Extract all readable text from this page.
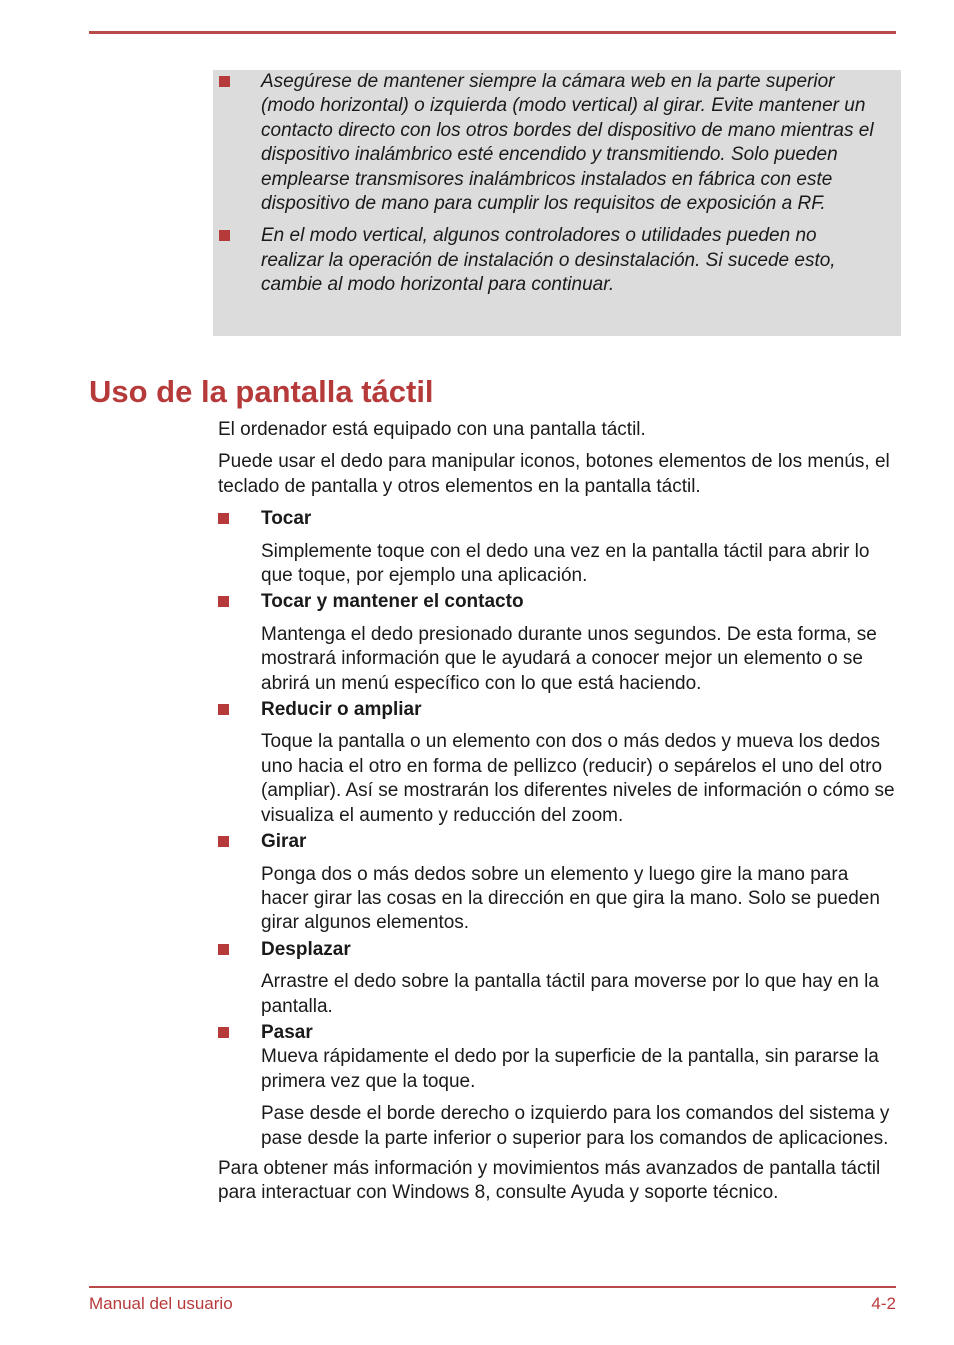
Asegúrese de mantener siempre la cámara web en la parte superior (modo horizontal) o izquierda (modo vertical) al girar. Evite mantener un contacto directo con los otros bordes del dispositivo de mano mientras el dispositivo inalámbrico esté encendido y transmitiendo. Solo pueden emplearse transmisores inalámbricos instalados en fábrica con este dispositivo de mano para cumplir los requisitos de exposición a RF.

En el modo vertical, algunos controladores o utilidades pueden no realizar la operación de instalación o desinstalación. Si sucede esto, cambie al modo horizontal para continuar.

Uso de la pantalla táctil

El ordenador está equipado con una pantalla táctil.

Puede usar el dedo para manipular iconos, botones elementos de los menús, el teclado de pantalla y otros elementos en la pantalla táctil.

Tocar

Simplemente toque con el dedo una vez en la pantalla táctil para abrir lo que toque, por ejemplo una aplicación.

Tocar y mantener el contacto

Mantenga el dedo presionado durante unos segundos. De esta forma, se mostrará información que le ayudará a conocer mejor un elemento o se abrirá un menú específico con lo que está haciendo.

Reducir o ampliar

Toque la pantalla o un elemento con dos o más dedos y mueva los dedos uno hacia el otro en forma de pellizco (reducir) o sepárelos el uno del otro (ampliar). Así se mostrarán los diferentes niveles de información o cómo se visualiza el aumento y reducción del zoom.

Girar

Ponga dos o más dedos sobre un elemento y luego gire la mano para hacer girar las cosas en la dirección en que gira la mano. Solo se pueden girar algunos elementos.

Desplazar

Arrastre el dedo sobre la pantalla táctil para moverse por lo que hay en la pantalla.

Pasar

Mueva rápidamente el dedo por la superficie de la pantalla, sin pararse la primera vez que la toque.

Pase desde el borde derecho o izquierdo para los comandos del sistema y pase desde la parte inferior o superior para los comandos de aplicaciones.

Para obtener más información y movimientos más avanzados de pantalla táctil para interactuar con Windows 8, consulte Ayuda y soporte técnico.

Manual del usuario	4-2
